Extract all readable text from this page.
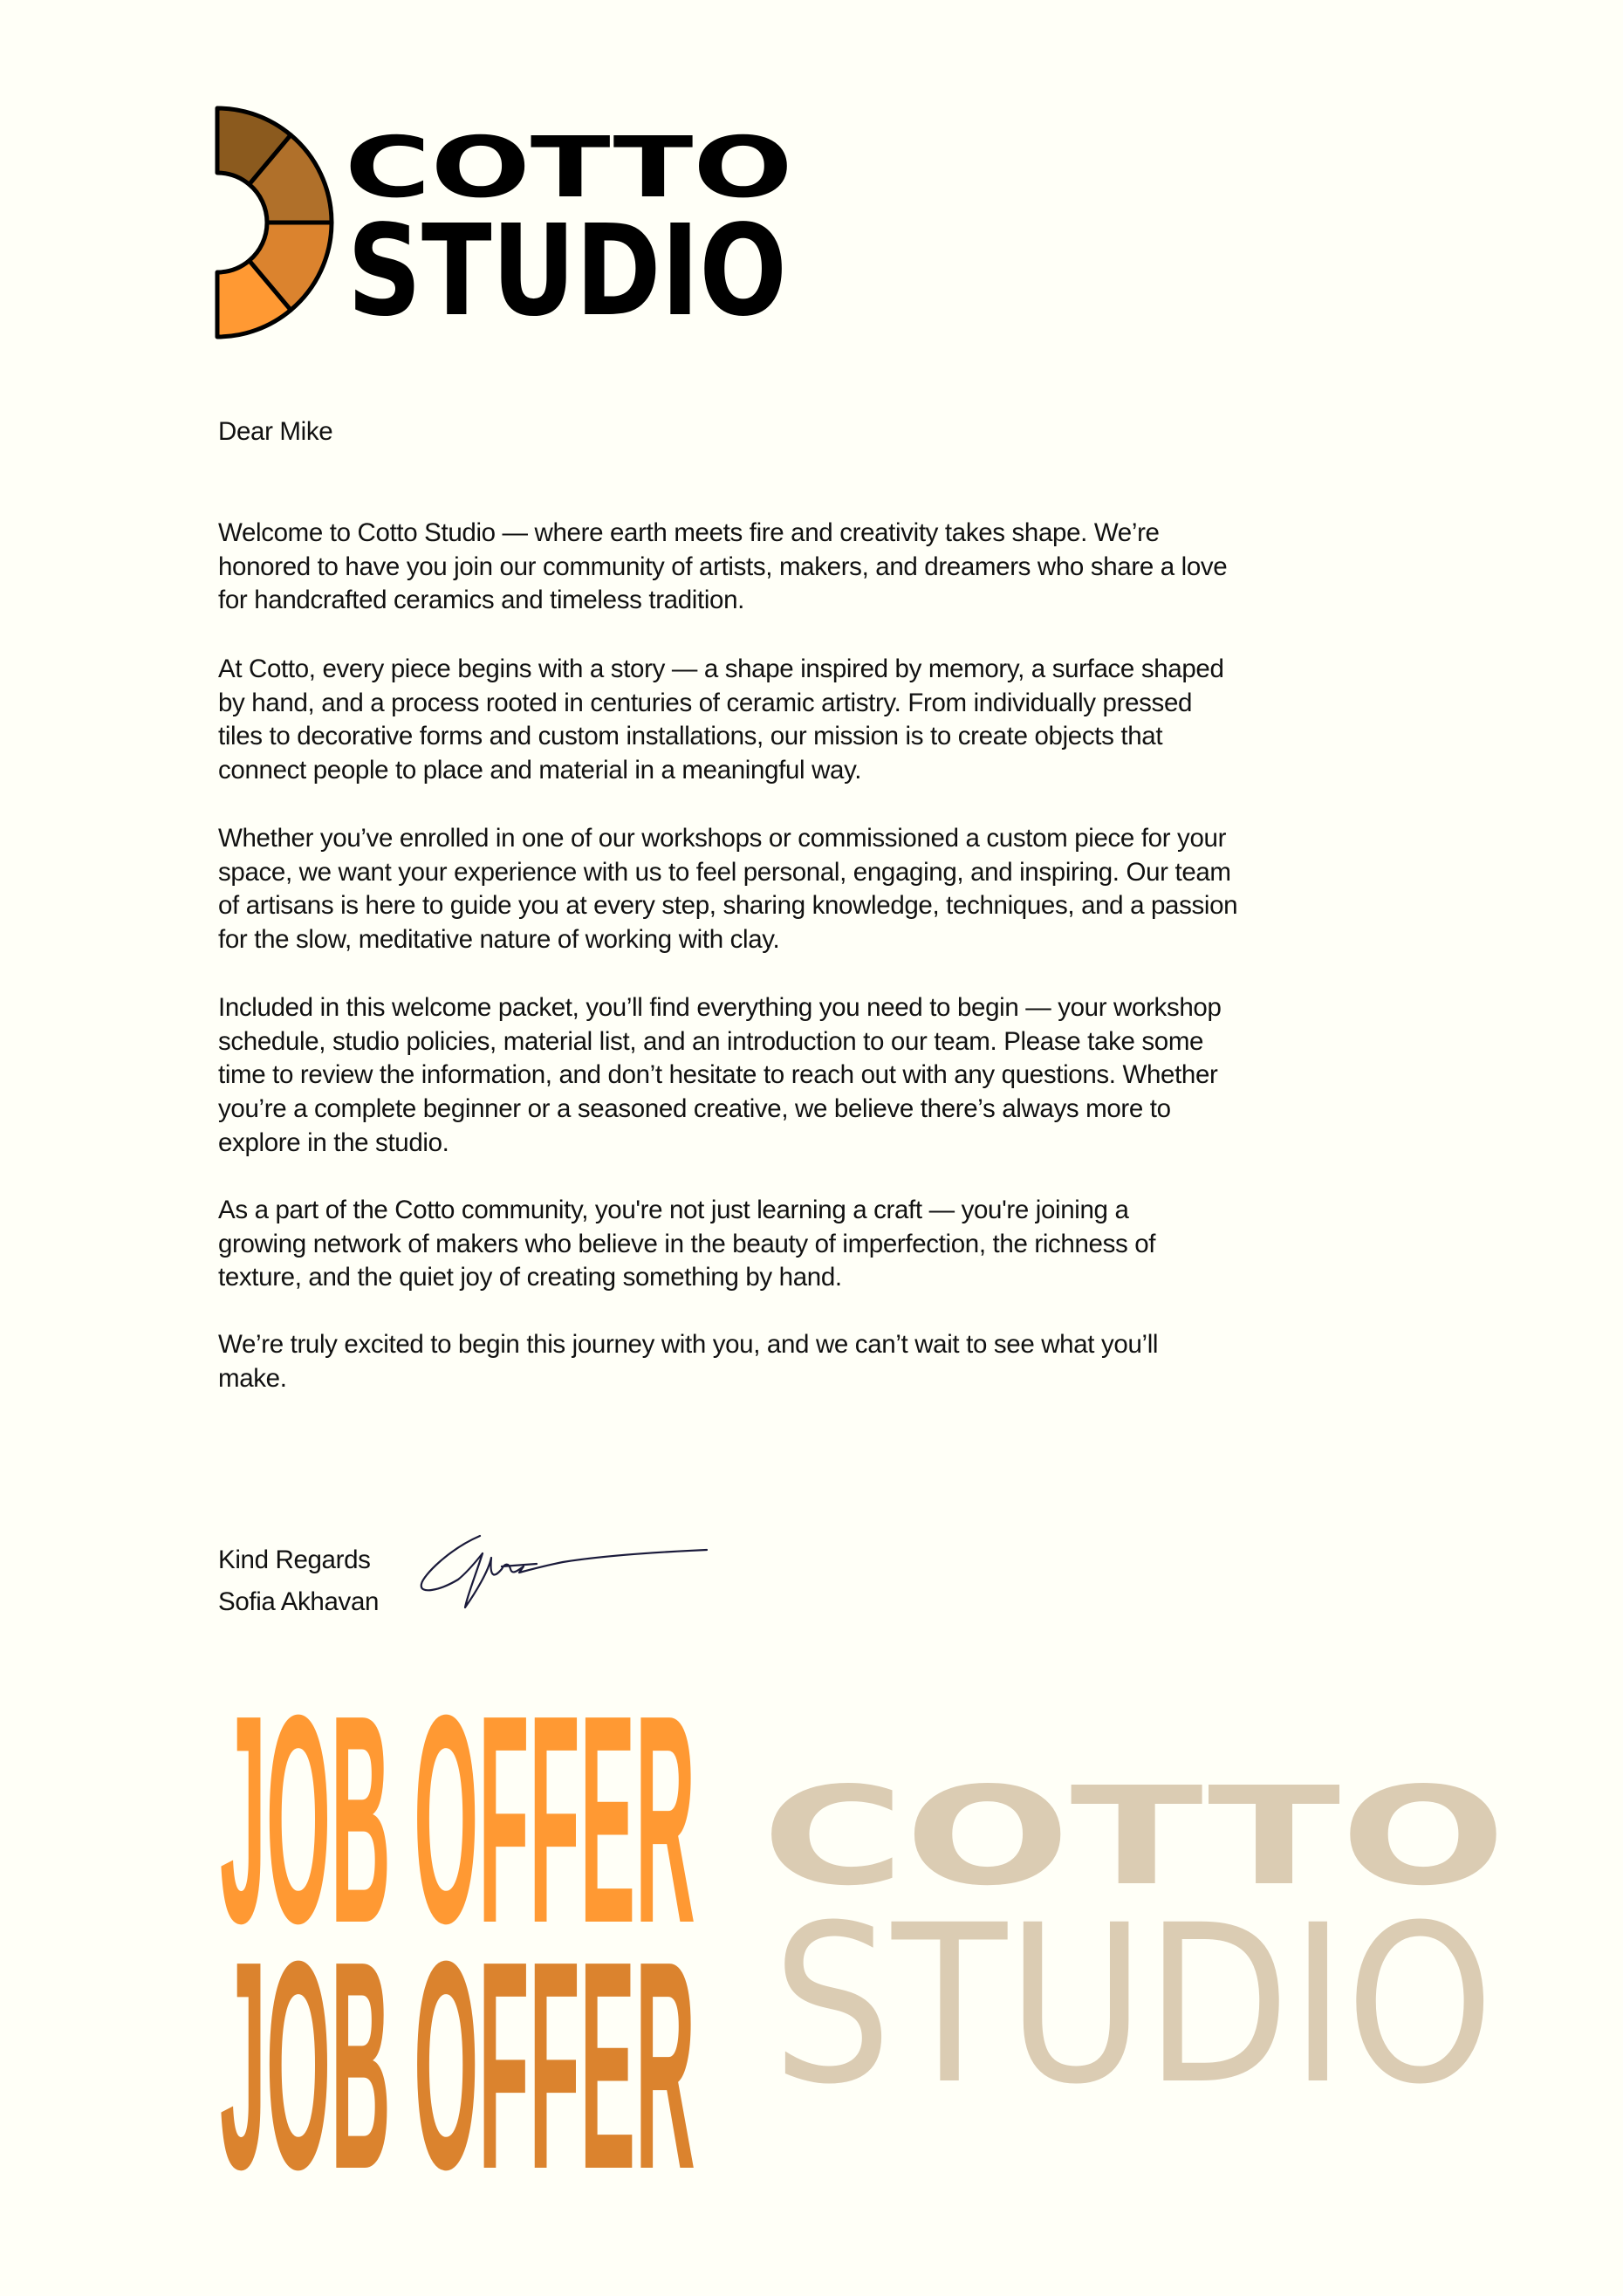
COTTO
STUDIO
Dear Mike
Welcome to Cotto Studio — where earth meets fire and creativity takes shape. We’re
honored to have you join our community of artists, makers, and dreamers who share a love
for handcrafted ceramics and timeless tradition.
At Cotto, every piece begins with a story — a shape inspired by memory, a surface shaped
by hand, and a process rooted in centuries of ceramic artistry. From individually pressed
tiles to decorative forms and custom installations, our mission is to create objects that
connect people to place and material in a meaningful way.
Whether you’ve enrolled in one of our workshops or commissioned a custom piece for your
space, we want your experience with us to feel personal, engaging, and inspiring. Our team
of artisans is here to guide you at every step, sharing knowledge, techniques, and a passion
for the slow, meditative nature of working with clay.
Included in this welcome packet, you’ll find everything you need to begin — your workshop
schedule, studio policies, material list, and an introduction to our team. Please take some
time to review the information, and don’t hesitate to reach out with any questions. Whether
you’re a complete beginner or a seasoned creative, we believe there’s always more to
explore in the studio.
As a part of the Cotto community, you're not just learning a craft — you're joining a
growing network of makers who believe in the beauty of imperfection, the richness of
texture, and the quiet joy of creating something by hand.
We’re truly excited to begin this journey with you, and we can’t wait to see what you’ll
make.
Kind Regards
Sofia Akhavan
JOB OFFER
JOB OFFER
COTTO
STUDIO
